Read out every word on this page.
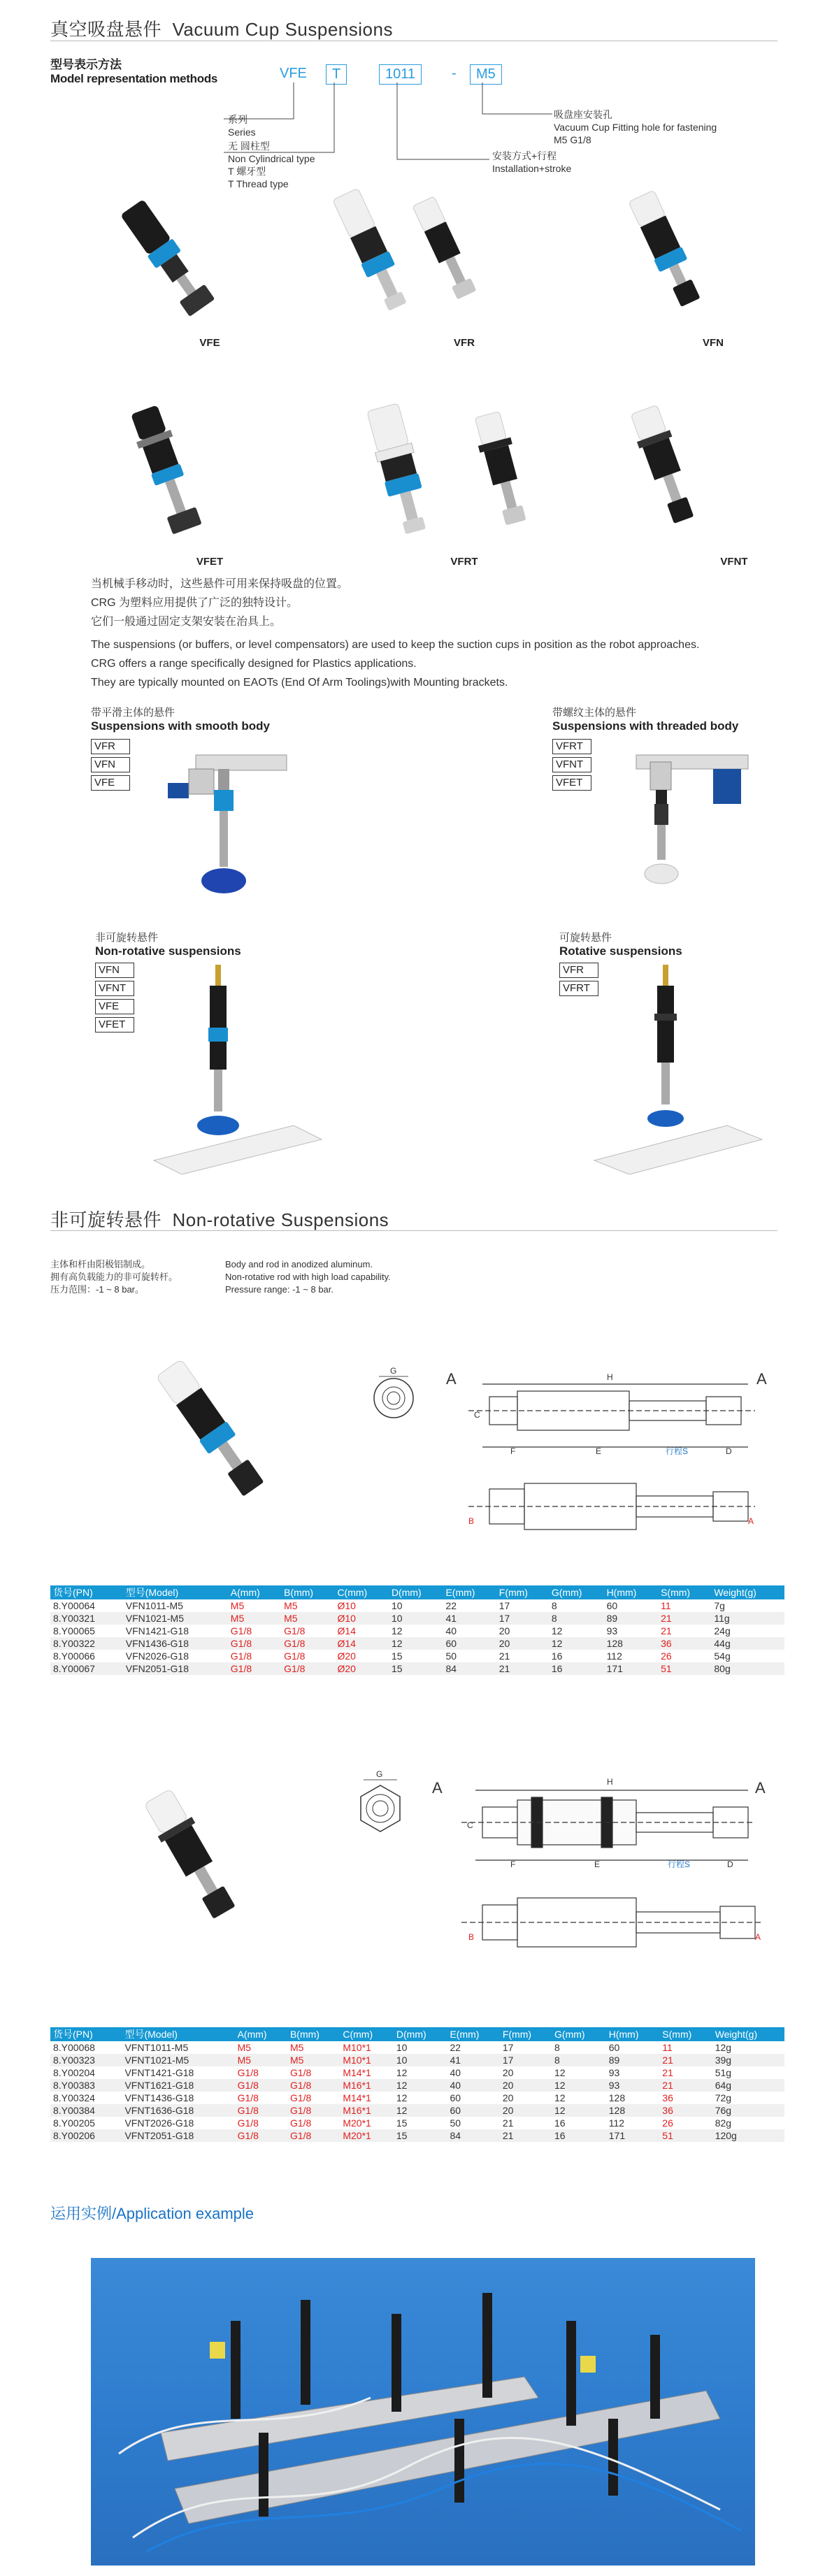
真空吸盘悬件 Vacuum Cup Suspensions
型号表示方法
Model representation methods	VFE	T	1011	-	M5
系列
Series
无 圆柱型
Non Cylindrical type
T 螺牙型
T Thread type
安装方式+行程
Installation+stroke
吸盘座安装孔
Vacuum Cup Fitting hole for fastening
M5 G1/8
VFE	VFR	VFN
VFET	VFRT	VFNT
当机械手移动时，这些悬件可用来保持吸盘的位置。
CRG 为塑料应用提供了广泛的独特设计。
它们一般通过固定支架安装在治具上。
The suspensions (or buffers, or level compensators) are used to keep the suction cups in position as the robot approaches.
CRG offers a range specifically designed for Plastics applications.
They are typically mounted on EAOTs (End Of Arm Toolings)with Mounting brackets.
带平滑主体的悬件
Suspensions with smooth body
VFR
VFN
VFE
带螺纹主体的悬件
Suspensions with threaded body
VFRT
VFNT
VFET
非可旋转悬件
Non-rotative suspensions
VFN
VFNT
VFE
VFET
可旋转悬件
Rotative suspensions
VFR
VFRT
非可旋转悬件 Non-rotative Suspensions
主体和杆由阳极铝制成。
拥有高负载能力的非可旋转杆。
压力范围：-1 ~ 8 bar。
Body and rod in anodized aluminum.
Non-rotative rod with high load capability.
Pressure range: -1 ~ 8 bar.
G	A	A
H
C
F	E	行程S	D
B	A
货号(PN)	型号(Model)	A(mm)	B(mm)	C(mm)	D(mm)	E(mm)	F(mm)	G(mm)	H(mm)	S(mm)	Weight(g)
8.Y00064	VFN1011-M5	M5	M5	Ø10	10	22	17	8	60	11	7g
8.Y00321	VFN1021-M5	M5	M5	Ø10	10	41	17	8	89	21	11g
8.Y00065	VFN1421-G18	G1/8	G1/8	Ø14	12	40	20	12	93	21	24g
8.Y00322	VFN1436-G18	G1/8	G1/8	Ø14	12	60	20	12	128	36	44g
8.Y00066	VFN2026-G18	G1/8	G1/8	Ø20	15	50	21	16	112	26	54g
8.Y00067	VFN2051-G18	G1/8	G1/8	Ø20	15	84	21	16	171	51	80g
G
A	A
H
C
F	E	行程S	D
B	A
货号(PN)	型号(Model)	A(mm)	B(mm)	C(mm)	D(mm)	E(mm)	F(mm)	G(mm)	H(mm)	S(mm)	Weight(g)
8.Y00068	VFNT1011-M5	M5	M5	M10*1	10	22	17	8	60	11	12g
8.Y00323	VFNT1021-M5	M5	M5	M10*1	10	41	17	8	89	21	39g
8.Y00204	VFNT1421-G18	G1/8	G1/8	M14*1	12	40	20	12	93	21	51g
8.Y00383	VFNT1621-G18	G1/8	G1/8	M16*1	12	40	20	12	93	21	64g
8.Y00324	VFNT1436-G18	G1/8	G1/8	M14*1	12	60	20	12	128	36	72g
8.Y00384	VFNT1636-G18	G1/8	G1/8	M16*1	12	60	20	12	128	36	76g
8.Y00205	VFNT2026-G18	G1/8	G1/8	M20*1	15	50	21	16	112	26	82g
8.Y00206	VFNT2051-G18	G1/8	G1/8	M20*1	15	84	21	16	171	51	120g
运用实例/Application example
